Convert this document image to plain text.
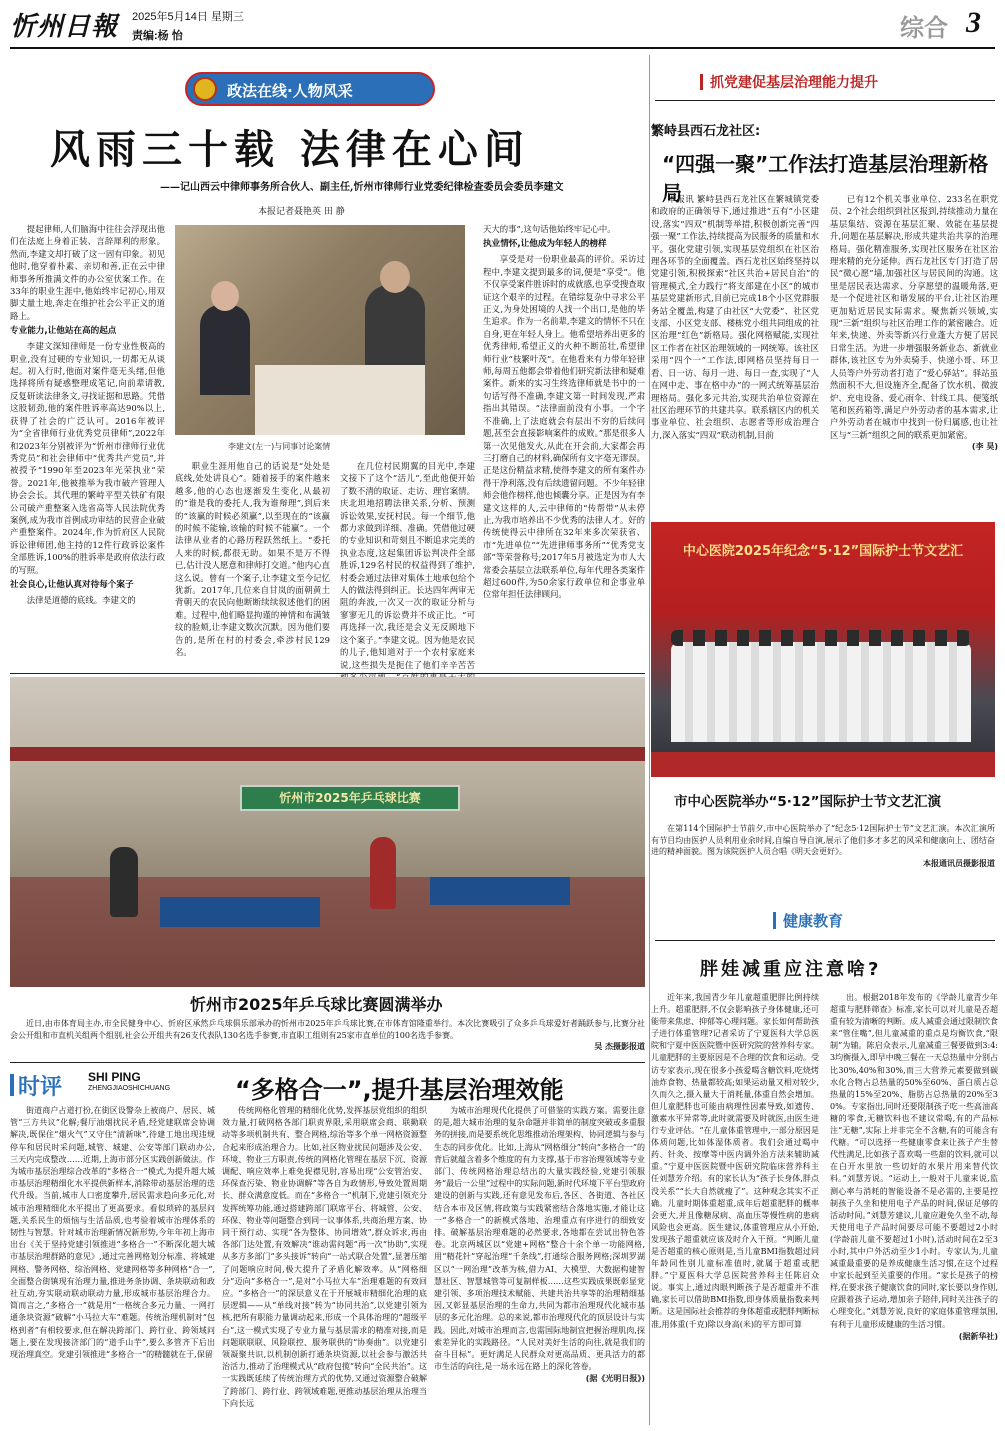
忻州日報 2025年5月14日 星期三
责编:杨 怡	综合 3
政法在线·人物风采
风雨三十载 法律在心间
——记山西云中律师事务所合伙人、副主任,忻州市律师行业党委纪律检查委员会委员李建文
本报记者聂艳英 田 静

提起律师,人们脑海中往往会浮现出他们在法庭上身着正装、言辞犀利的形象。然而,李建文却打破了这一固有印象。初见他时,他穿着朴素、亲切和善,正在云中律师事务所推满文件的办公室伏案工作。在33年的职业生涯中,他始终牢记初心,用双脚丈量土地,奔走在维护社会公平正义的道路上。

专业能力,让他站在高的起点

李建文深知律师是一份专业性极高的职业,没有过硬的专业知识,一切都无从谈起。初入行时,他面对案件毫无头绪,但他选择将所有疑惑整理成笔记,向前辈请教,反复研读法律条文,寻找证据和思路。凭借这股韧劲,他的案件胜诉率高达90%以上,获得了社会的广泛认可。2016年被评为“全省律师行业优秀党员律师”,2022年和2023年分别被评为“忻州市律师行业优秀党员”和社会律师中“优秀共产党员”,并被授予“1990年至2023年光荣执业”荣誉。2021年,他被推举为我市破产管理人协会会长。其代理的繁峙平型关铁矿有限公司破产重整案入选省高等人民法院优秀案例,成为我市首例成功审结的民营企业破产重整案件。2024年,作为忻府区人民院诉讼律师团,他主持的12件行政诉讼案件全部胜诉,100%的胜诉率是政府依法行政的写照。

社会良心,让他认真对待每个案子

法律是道德的底线。李建文的

李建文(左一)与同事讨论案情

职业生涯用他自己的话说是“处处是底线,处处讲良心”。随着接手的案件越来越多,他的心态也逐渐发生变化,从最初的“谁是我的委托人,我为谁辩理”,到后来的“该赢的时候必须赢”,以至现在的“该赢的时候不能输,该输的时候不能赢”。一个法律从业者的心路历程跃然纸上。“委托人来的时候,都很无助。如果不是万不得已,估计没人愿意和律师打交道。”他内心直这么说。曾有一个案子,让李建文至今记忆犹新。2017年,几位来自甘岚的面朝黄土背朝天的农民向他断断续续叙述他们的困难。过程中,他们略显拘谨的神情和布满皱纹的脸颊,让李建文数次沉默。因为他们要告的,是所在村的村委会,牵涉村民129名。

在几位村民期翼的目光中,李建文接下了这个“活儿”,至此他便开始了数不清的取证、走访、理官案情。庆北坦地招聘法律关系,分析、预测诉讼效果,安抚村民。每一个细节,他都力求做到详细、准确。凭借他过硬的专业知识和苛刻且不断追求完美的执业态度,这起集团诉讼判决件全部胜诉,129名村民的权益得到了维护,村委会通过法律对集体土地承包给个人的做法得到纠正。长达四年两审无阻的奔波,一次又一次的取证分析与寥寥无几的诉讼费并不成正比。“可再选择一次,我还是会义无反顾地下这个案子。”李建文说。因为他是农民的儿子,他知道对于一个农村家庭来说,这些损失是扼住了他们辛辛苦苦

天大的事”,这句话他始终牢记心中。

执业情怀,让他成为年轻人的榜样

享受是对一份职业最高的评价。采访过程中,李建文提到最多的词,便是“享受”。他不仅享受案件胜诉时的成就感,也享受搜查取证这个艰辛的过程。在错综复杂中寻求公平正义,为身处困境的人找一个出口,是他的毕生追求。作为一名前辈,李建文的情怀不只在自身,更在年轻人身上。他希望培养出更多的优秀律师,希望正义的火种不断茁壮,希望律师行业“枝繁叶茂”。在他看来有力带年轻律师,每周五他都会带着他们研究新法律和疑难案件。新来的实习生终选律师就是书中的一句话写得不准确,李建文第一时间发现,严肃指出其错误。“法律面前没有小事。一个字不准确,上了法庭就会有层出不穷的后续问题,甚至会直接影响案件的成败。”那是很多人第一次见他发火,从此在开会前,大家都会再三打磨自己的材料,确保所有文字毫无谬误。正是这份精益求精,使得李建文的所有案件办得干净利落,没有后续遗留问题。不少年轻律师会他作榜样,他也倾囊分享。正是因为有李建文这样的人,云中律师的“传帮带”从未停止,为我市培养出不少优秀的法律人才。好的传统使得云中律所在32年来多次荣获省、市“先进单位”“先进律师事务所”“优秀党支部”等荣誉称号;2017年5月被选定为市人大常委会基层立法联系单位,每年代理各类案件超过600件,为50余家行政单位和企事业单位常年担任法律顾问。

忻州市2025年乒乓球比赛
忻州市2025年乒乓球比赛圆满举办

近日,由市体育局主办,市全民健身中心、忻府区承然乒乓球俱乐部承办的忻州市2025年乒乓球比赛,在市体育馆隆重举行。本次比赛吸引了众多乒乓球爱好者踊跃参与,比赛分社会公开组和市直机关组两个组别,社会公开组共有26支代表队130名选手参赛,市直职工组则有25家市直单位的100名选手参赛。

吴 杰摄影报道
时评 SHI PING
ZHENGJIAOSHICHUANG	“多格合一”,提升基层治理效能

街道商户占道打扮,在街区设警杂上被商户、居民、城管“三方共议”化解;餐厅油烟扰民矛盾,经党建联席会协调解决,既保住“烟火气”又守住“清新味”,待建工地出现违规停车和居民时采问题,城管、城建、公安等部门联动办公,三天内完成整改……近期,上海市部分区实践创新做法。作为城市基层治理综合改革的“多格合一”模式,为提升超大城市基层治理精细化水平提供新样本,消除带动基层治理的迭代升级。当前,城市人口密度攀升,居民需求趋向多元化,对城市治理精细化水平提出了更高要求。看似琐碎的基层问题,关系民生的烦恼与生活品质,也考验着城市治理体系的韧性与智慧。针对城市治理新情况新形势,今年年初上海市出台《关于坚持党建引领推进“多格合一”不断深化超大城市基层治理群路的意见》,通过完善网格划分标准、将城建网格、警务网格、综治网格、党建网格等多种网格“合一”,全面整合街镇现有治理力量,推进务条协调、条块联动和政社互动,夯实联动联动联动力量,形成城市基层治理合力。简而言之,“多格合一”就是用“一格统合多元力量、一网打通条块资源”破解“小马拉大车”难题。传统治理机制对“包格到者”有相较要求,但在解决跨部门、跨行业、跨领域问题上,要在发现接济部门的“道手山芋”,要么多管齐下后出现治理真空。党建引领推进“多格合一”的精髓就在于,保留

传统网格化管理的精细化优势,发挥基层党组织的组织效力量,打破网格各部门职责界限,采用联席会商、联勤联动等多项机制共有、整合网格,综治等多个单一网格资源整合起来形成治理合力。比如,社区物业扰民问题涉及公安、环境、物业三方职责,传统的网格化管理在基层下沉、资源调配、响应效率上难免捉襟见肘,容易出现“公安管治安、环保查污染、物业协调解”等各自为政情形,导致处置周期长、群众满意度低。而在“多格合一”机制下,党建引领充分发挥统筹功能,通过搭建跨部门联席平台、将城管、公安、环保、物业等问题整合到同一议事体系,共商治理方案、协同干预行动、实现“各为整体、协同增效”,群众诉求,再由各部门达处置,有效解决“谁动需问题”再一次“协助”,实现从多方多部门“多头接诉”转向“一站式联合处置”,显著压缩了问题响应时间,极大提升了矛盾化解效率。从“网格细分”迈向“多格合一”,是对“小马拉大车”治理难题的有效回应。“多格合一”的深层意义在于开展城市精细化治理的底层逻辑——从“单线对接”转为“协同共治”,以党建引领为核,把所有职能力量调动起来,形成一个具体治理的“超级平台”,这一模式实现了专业力量与基层需求的精准对接,而是问题联联联、风险联控、服务联供的“协奏曲”。以党建引领凝聚共识,以机制创新打通条块资源,以社会参与激活共治活力,推动了治理模式从“政府包揽”转向“全民共治”。这一实践既延续了传统治理方式的优势,又通过资源整合破解了跨部门、跨行业、跨领域难题,更推动基层治理从治理当下向长远

为城市治理现代化提供了可借鉴的实践方案。需要注意的是,超大城市治理的复杂命题并非简单的制度突破或多重服务的拼接,而是要系统化思维推动治理架构、协同逻辑与参与生态的同步优化。比如,上海从“网格细分”转向“多格合一”的背后就蕴含着多个维度的有力支撑,基于市容治理领域等专业部门、传统网格治理总结出的大量实践经验,党建引领服务“最后一公里”过程中的实际问题,新时代环境下平台型政府建设的创新与实践,还有意见发布后,各区、各街道、各社区结合本市及区情,将政策与实践紧密结合落地实施,才能让这一“多格合一”的新模式落地、治理重点有序进行的细致安排。破解基层治理难题的必然要求,各地都在尝试出特色答卷。北京两城区以“党建+网格”整合十余个单一功能网格,用“精花针”穿起治理“千条线”,打通综合服务网格;深圳罗湖区以“一网治理”改革为核,借力AI、大模型、大数据构建智慧社区、智慧城管等可复制样板……这些实践成果既彰显党建引领、多项治理技术赋能、共建共治共享等的治理精细基因,又彰显基层治理的生命力,共同为都市治理现代化城市基层的多元化治理。总的来说,都市治理现代化的顶层设计与实践。因此,对城市治理而言,也需国际地制宜把握治理肌肉,探索差异化的实践路径。“人民对美好生活的向往,就是我们的奋斗目标”。更好满足人民群众对更高品质、更具活力的都市生活的向往,是一场永远在路上的深化答卷。

(据《光明日报》)
抓党建促基层治理能力提升
繁峙县西石龙社区:
“四强一聚”工作法打造基层治理新格局

本报讯 繁峙县西石龙社区在繁城镇党委和政府的正确领导下,通过推进“五有”小区建设,落实“四双”机制等举措,积极创新完善“四强一聚”工作法,持续提高为民服务的质量和水平。强化党建引领,实现基层党组织在社区治理各环节的全面覆盖。西石龙社区始终坚持以党建引领,积极探索“社区共治+居民自治”的管理模式,全力践行“将支部建在小区”的城市基层党建新形式,目前已完成18个小区党群服务站全覆盖,构建了由社区“大党委”、社区党支部、小区党支部、楼栋党小组共同组成的社区治理“红色”新格局。强化网格赋能,实现社区工作者在社区治理领域的一网统筹。该社区采用“四个一”工作法,即网格员坚持每日一看、日一访、每月一进、每日一查,实现了“人在网中走、事在格中办”的一网式统筹基层治理格局。强化多元共治,实现共治单位资源在社区治理环节的共建共享。联系辖区内的机关事业单位、社会组织、志愿者等形成治理合力,深入落实“四双”联动机制,目前

已有12个机关事业单位、233名在职党员、2个社会组织到社区报到,持续推动力量在基层集结、资源在基层汇聚、效能在基层提升,问题在基层解决,形成共建共治共享的治理格局。强化精准服务,实现社区服务在社区治理来精的充分延伸。西石龙社区专门打造了居民“微心愿”墙,加强社区与居民间的沟通。这里是居民表达需求、分享愿望的温暖角落,更是一个促进社区和谐发展的平台,让社区治理更加贴近居民实际需求。聚焦新兴领域,实现“三新”组织与社区治理工作的紧密融合。近年来,快递、外卖等新兴行业蓬大方便了居民日常生活。为进一步增强服务新业态、新就业群体,该社区专为外卖骑手、快递小哥、环卫人员等户外劳动者打造了“爱心驿站”。驿站虽然面积不大,但设施齐全,配备了饮水机、微波炉、充电设备、爱心雨伞、针线工具、便笺纸笔和医药箱等,满足户外劳动者的基本需求,让户外劳动者在城市中找到一份归属感,也让社区与“三新”组织之间的联系更加紧密。

(李 昊)
中心医院2025年纪念“5·12”国际护士节文艺汇
市中心医院举办“5·12”国际护士节文艺汇演

在第114个国际护士节前夕,市中心医院举办了“纪念5·12国际护士节”文艺汇演。本次汇演所有节目均由医护人员利用业余时间,自编自导自演,展示了他们多才多艺的风采和健康向上、团结奋进的精神面貌。图为该院医护人员合唱《明天会更好》。

本报通讯员摄影报道
健康教育
胖娃减重应注意啥?

近年来,我国青少年儿童超重肥胖比例持续上升。超重肥胖,不仅会影响孩子身体健康,还可能带来焦虑、抑郁等心理问题。家长如何帮助孩子进行体重管理?记者采访了宁夏医科大学总医院和宁夏中医医院暨中医研究院的营养科专家。儿童肥胖的主要原因是不合理的饮食和运动。受访专家表示,现在很多小孩爱喝含糖饮料,吃烧烤油炸食物、热量都较高;如果运动量又相对较少,久而久之,摄入量大于消耗量,体重自然会增加。但儿童肥胖也可能由病理性因素导致,如遗传、激素水平异常等,此时就需要及时就医,由医生进行专业评估。“在儿童体重管理中,一部分原因是体质问题,比如体湿体质者。我们会通过喝中药、针灸、按摩等中医内调外治方法来辅助减重。”宁夏中医医院暨中医研究院临床营养科主任刘慧芳介绍。有的家长认为“孩子长身体,胖点没关系”“长大自然就瘦了”。这种观念其实不正确。儿童时期体重超重,成年后超重肥胖的概率会更大,并且像糖尿病、高血压等慢性病的患病风险也会更高。医生建议,体重管理应从小开始,发现孩子超重就应该及时介入干预。“判断儿童是否超重的核心原则是,当儿童BMI指数超过同年龄同性别儿童标准值时,就属于超重或肥胖。”宁夏医科大学总医院营养科主任陈启众说。事实上,通过肉眼判断孩子是否超重并不准确,家长可以借助BMI指数,即身体质量指数来判断。这是国际社会推荐的身体超重或肥胖判断标准,用体重(千克)除以身高(米)的平方即可算

出。根据2018年发布的《学龄儿童青少年超重与肥胖筛查》标准,家长可以对儿童是否超重有较为清晰的判断。成人减重会通过限制饮食来“管住嘴”,但儿童减重的重点是均衡饮食,“限制”为辅。陈启众表示,儿童减重三餐要做到3:4:3均衡摄入,即早中晚三餐在一天总热量中分别占比30%,40%和30%,而三大营养元素要做到碳水化合物占总热量的50%至60%、蛋白质占总热量的15%至20%、脂肪占总热量的20%至30%。专家指出,同时还要限制孩子吃一些高油高糖的零食,无糖饮料也不建议常喝,有的产品标注“无糖”,实际上并非完全不含糖,有的可能含有代糖。“可以选择一些健康零食来让孩子产生替代性满足,比如孩子喜欢喝一些甜的饮料,就可以在白开水里放一些切好的水果片用来替代饮料。”刘慧芳说。“运动上,一般对于儿童来说,监测心率与消耗的智能设备不是必需的,主要是控制孩子久坐和使用电子产品的时间,保证足够的活动时间。”刘慧芳建议,儿童应避免久坐不动,每天使用电子产品时间要尽可能不要超过2小时(学龄前儿童不要超过1小时),活动时间在2至3小时,其中户外活动至少1小时。专家认为,儿童减重最重要的是养成健康生活习惯,在这个过程中家长起到至关重要的作用。“家长是孩子的榜样,在要求孩子健康饮食的同时,家长要以身作则,应跟着孩子运动,增加亲子陪伴,同时关注孩子的心理变化。”刘慧芳说,良好的家庭体重管理氛围,有利于儿童形成健康的生活习惯。

(据新华社)
